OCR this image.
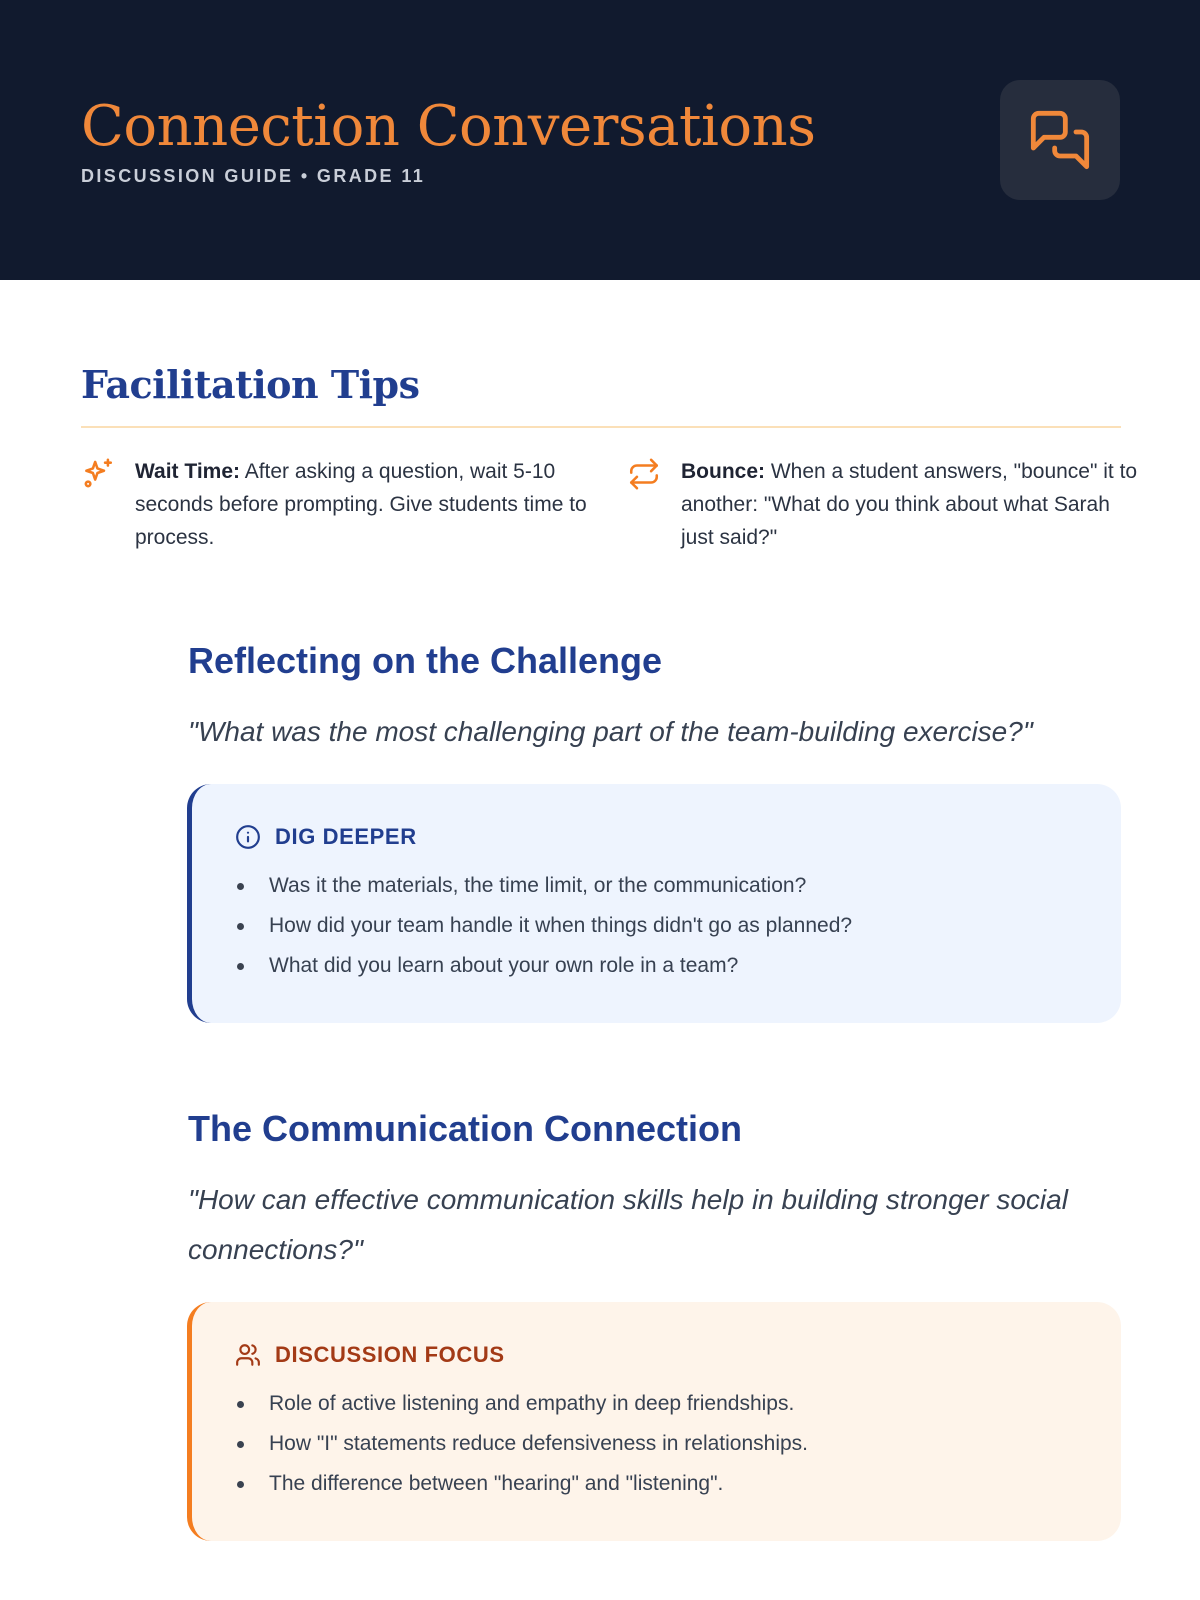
Connection Conversations
DISCUSSION GUIDE • GRADE 11
Facilitation Tips
Wait Time: After asking a question, wait 5-10 seconds before prompting. Give students time to process.
Bounce: When a student answers, "bounce" it to another: "What do you think about what Sarah just said?"
Reflecting on the Challenge

"What was the most challenging part of the team-building exercise?"

DIG DEEPER
Was it the materials, the time limit, or the communication?
How did your team handle it when things didn't go as planned?
What did you learn about your own role in a team?
The Communication Connection

"How can effective communication skills help in building stronger social connections?"

DISCUSSION FOCUS
Role of active listening and empathy in deep friendships.
How "I" statements reduce defensiveness in relationships.
The difference between "hearing" and "listening".
